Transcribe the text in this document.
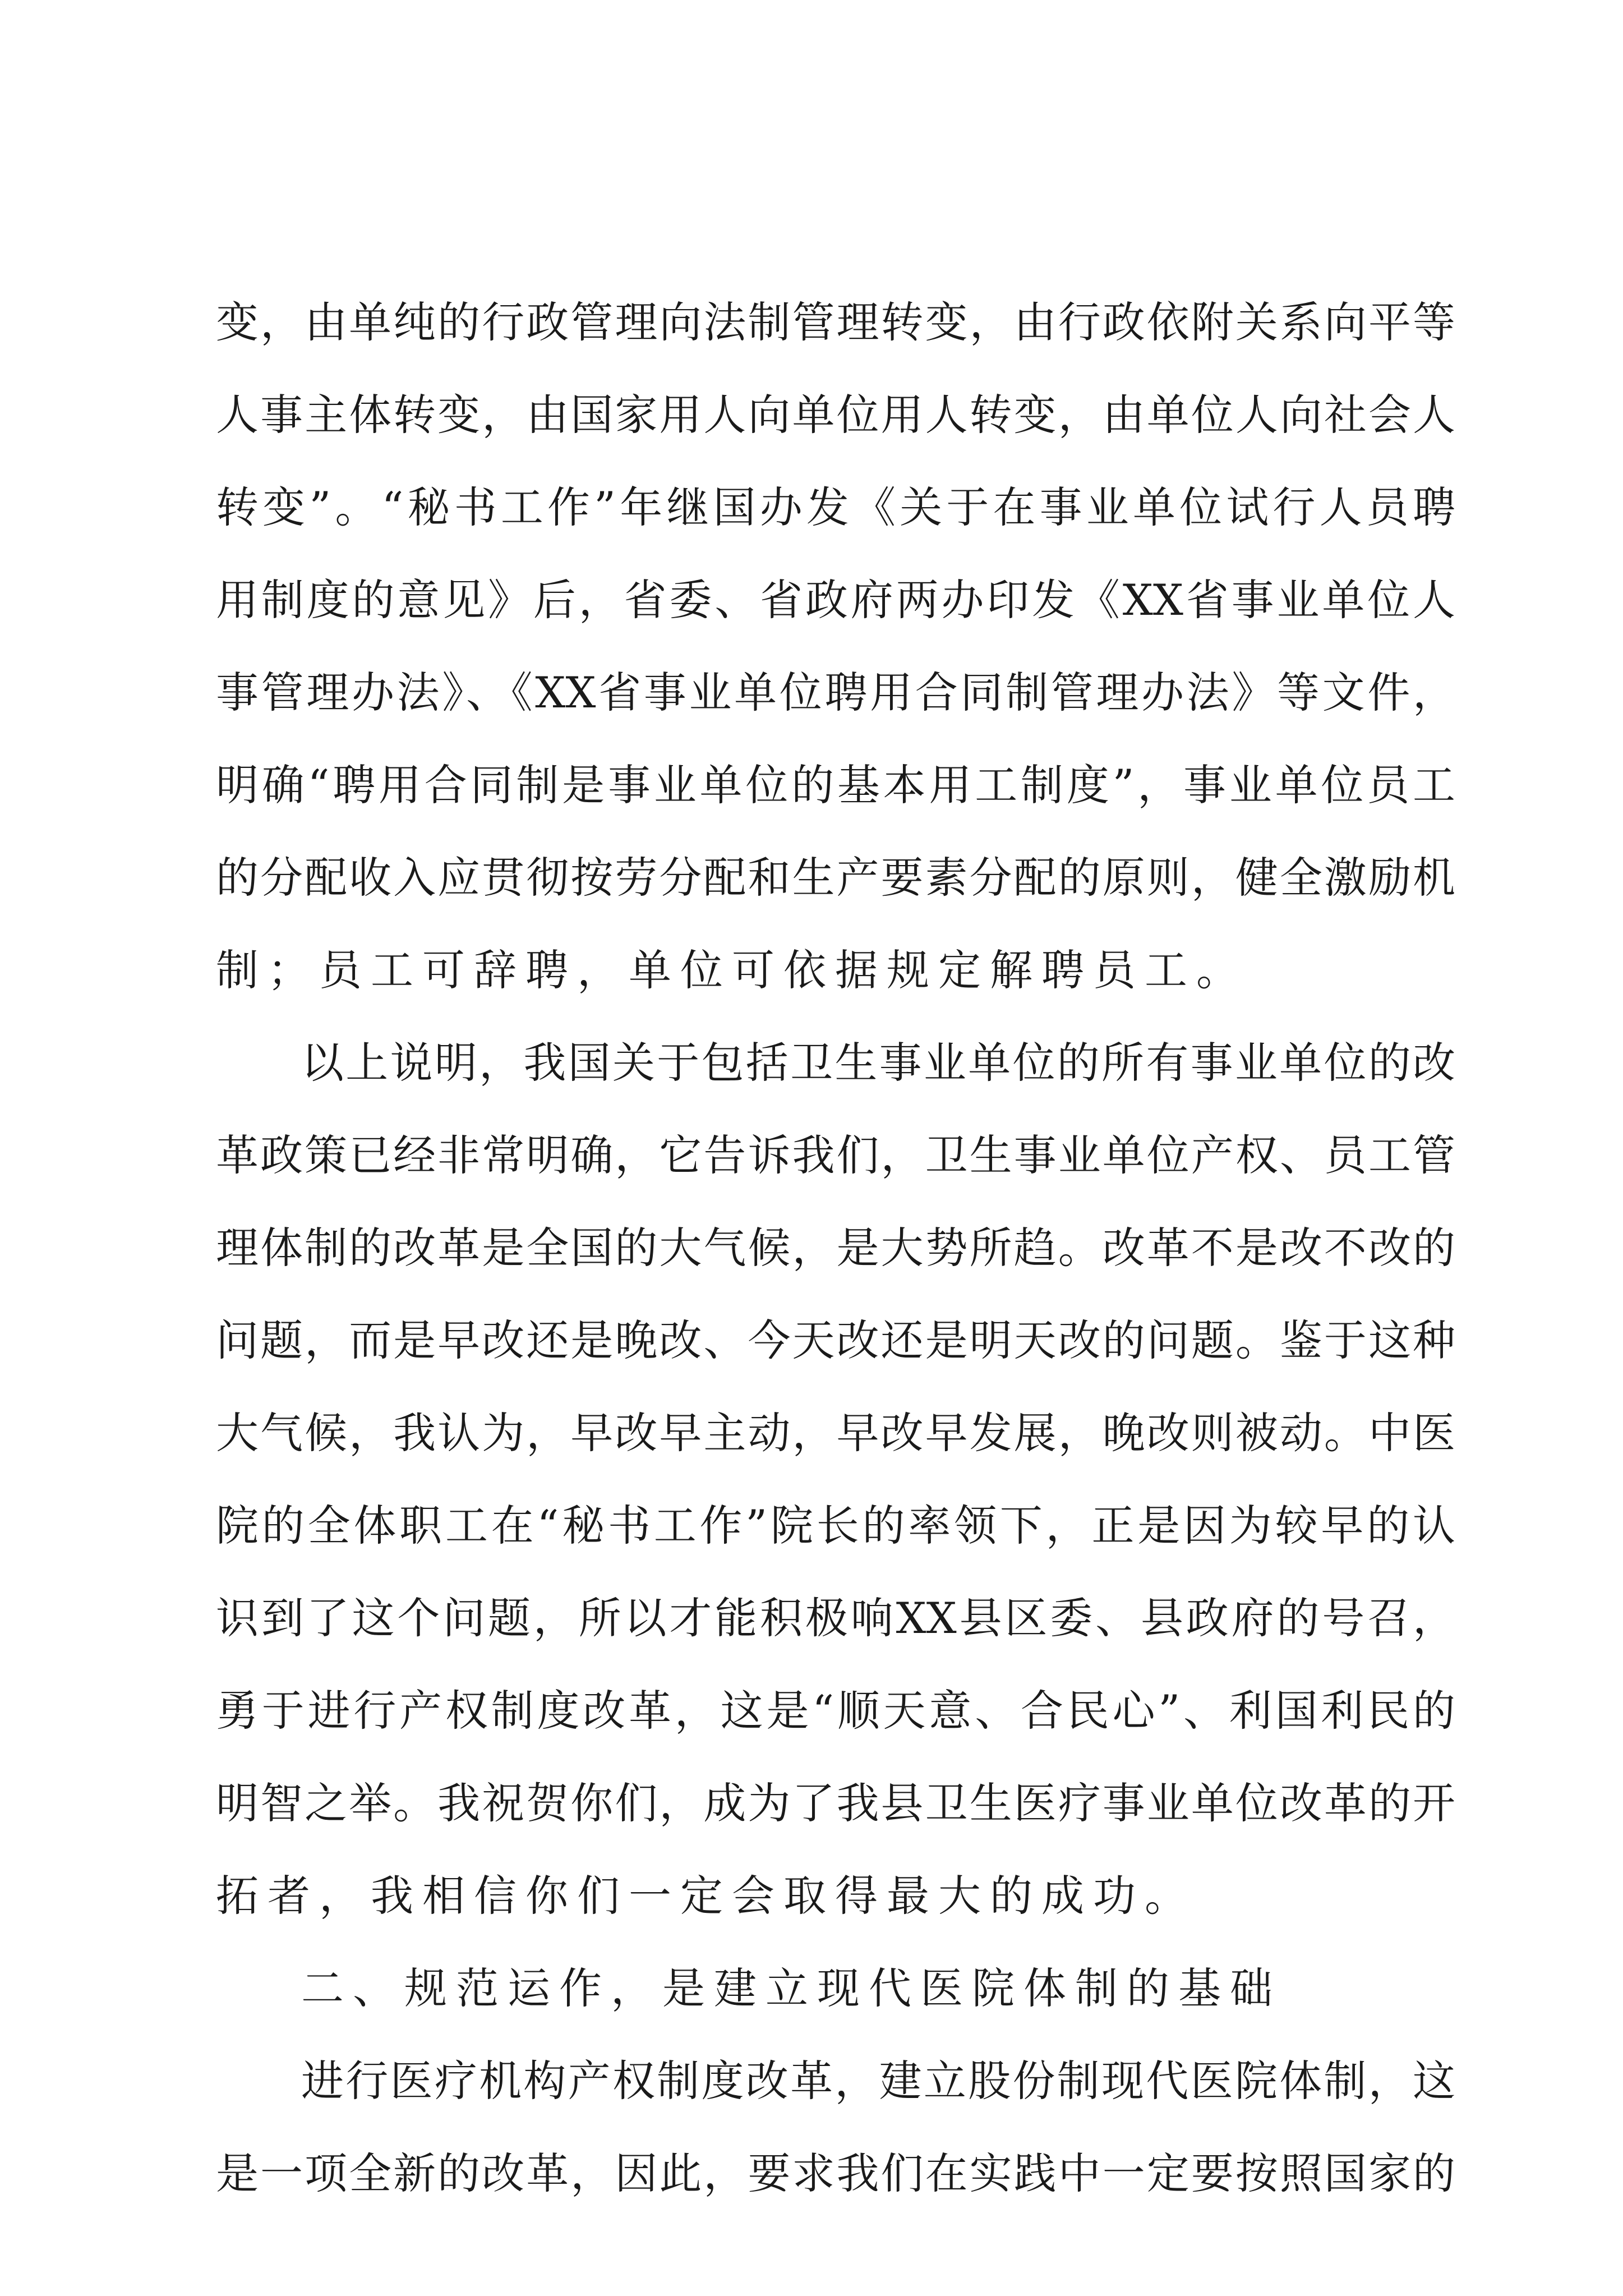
变，由单纯的行政管理向法制管理转变，由行政依附关系向平等
人事主体转变，由国家用人向单位用人转变，由单位人向社会人
转变”。“秘书工作”年继国办发《关于在事业单位试行人员聘
用制度的意见》后，省委、省政府两办印发《XX省事业单位人
事管理办法》、《XX省事业单位聘用合同制管理办法》等文件，
明确“聘用合同制是事业单位的基本用工制度”，事业单位员工
的分配收入应贯彻按劳分配和生产要素分配的原则，健全激励机
制；员工可辞聘，单位可依据规定解聘员工。
以上说明，我国关于包括卫生事业单位的所有事业单位的改
革政策已经非常明确，它告诉我们，卫生事业单位产权、员工管
理体制的改革是全国的大气候，是大势所趋。改革不是改不改的
问题，而是早改还是晚改、今天改还是明天改的问题。鉴于这种
大气候，我认为，早改早主动，早改早发展，晚改则被动。中医
院的全体职工在“秘书工作”院长的率领下，正是因为较早的认
识到了这个问题，所以才能积极响XX县区委、县政府的号召，
勇于进行产权制度改革，这是“顺天意、合民心”、利国利民的
明智之举。我祝贺你们，成为了我县卫生医疗事业单位改革的开
拓者，我相信你们一定会取得最大的成功。
二、规范运作，是建立现代医院体制的基础
进行医疗机构产权制度改革，建立股份制现代医院体制，这
是一项全新的改革，因此，要求我们在实践中一定要按照国家的
